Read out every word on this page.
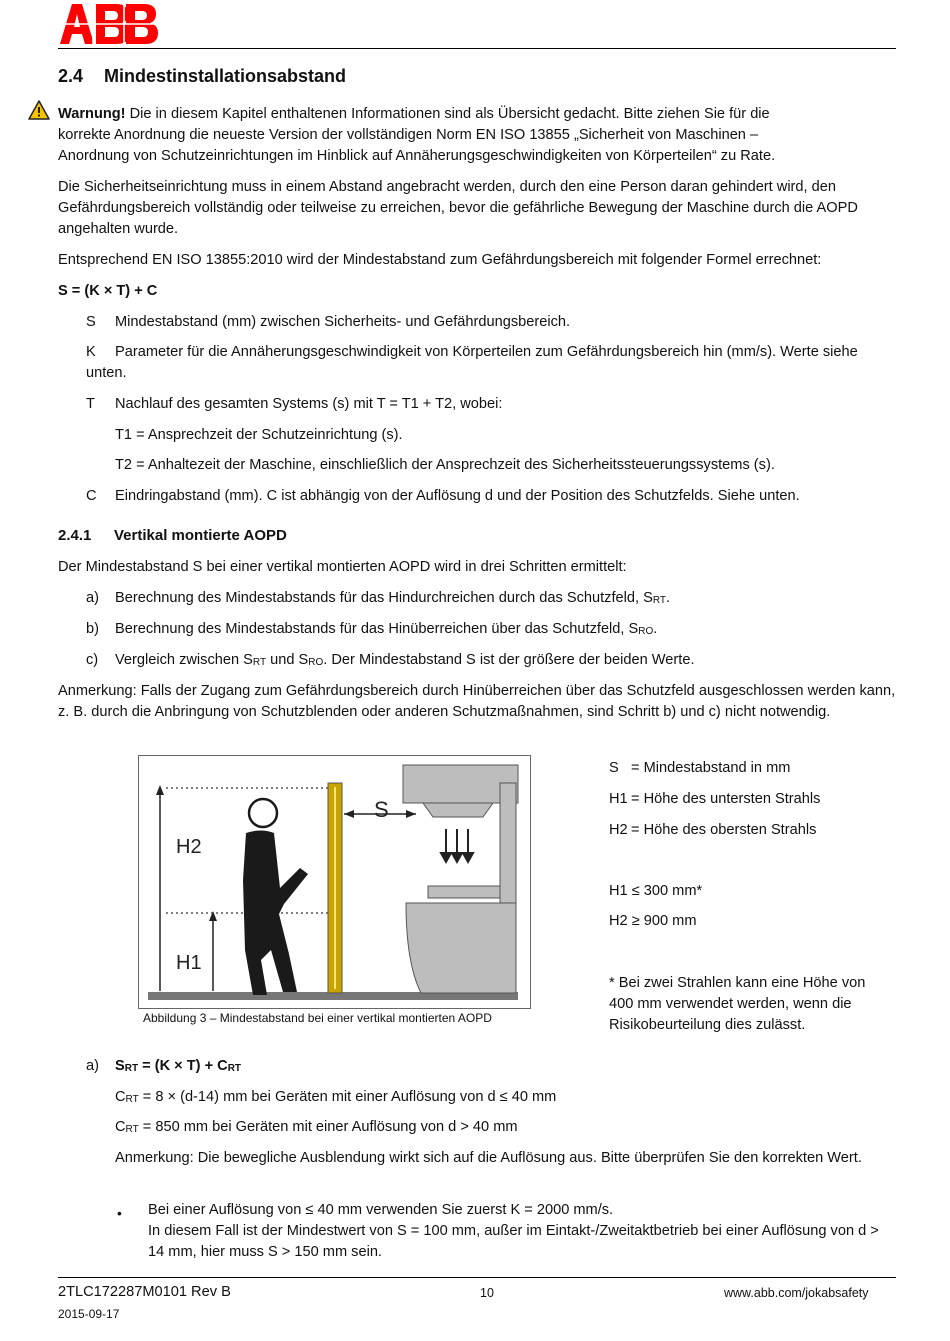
2.4 Mindestinstallationsabstand
Warnung! Die in diesem Kapitel enthaltenen Informationen sind als Übersicht gedacht. Bitte ziehen Sie für die
korrekte Anordnung die neueste Version der vollständigen Norm EN ISO 13855 „Sicherheit von Maschinen –
Anordnung von Schutzeinrichtungen im Hinblick auf Annäherungsgeschwindigkeiten von Körperteilen“ zu Rate.
Die Sicherheitseinrichtung muss in einem Abstand angebracht werden, durch den eine Person daran gehindert wird, den Gefährdungsbereich vollständig oder teilweise zu erreichen, bevor die gefährliche Bewegung der Maschine durch die AOPD angehalten wurde.
Entsprechend EN ISO 13855:2010 wird der Mindestabstand zum Gefährdungsbereich mit folgender Formel errechnet:
S = (K × T) + C
S	Mindestabstand (mm) zwischen Sicherheits- und Gefährdungsbereich.
K	Parameter für die Annäherungsgeschwindigkeit von Körperteilen zum Gefährdungsbereich hin (mm/s). Werte siehe unten.
T	Nachlauf des gesamten Systems (s) mit T = T1 + T2, wobei:
T1 = Ansprechzeit der Schutzeinrichtung (s).
T2 = Anhaltezeit der Maschine, einschließlich der Ansprechzeit des Sicherheitssteuerungssystems (s).
C	Eindringabstand (mm). C ist abhängig von der Auflösung d und der Position des Schutzfelds. Siehe unten.
2.4.1 Vertikal montierte AOPD
Der Mindestabstand S bei einer vertikal montierten AOPD wird in drei Schritten ermittelt:
a) Berechnung des Mindestabstands für das Hindurchreichen durch das Schutzfeld, $S_{RT}$.
b) Berechnung des Mindestabstands für das Hinüberreichen über das Schutzfeld, $S_{RO}$.
c) Vergleich zwischen $S_{RT}$ und $S_{RO}$. Der Mindestabstand S ist der größere der beiden Werte.
Anmerkung: Falls der Zugang zum Gefährdungsbereich durch Hinüberreichen über das Schutzfeld ausgeschlossen werden kann, z. B. durch die Anbringung von Schutzblenden oder anderen Schutzmaßnahmen, sind Schritt b) und c) nicht notwendig.
H2
H1
S
Abbildung 3 – Mindestabstand bei einer vertikal montierten AOPD
S = Mindestabstand in mm
H1 = Höhe des untersten Strahls
H2 = Höhe des obersten Strahls
H1 ≤ 300 mm*
H2 ≥ 900 mm
* Bei zwei Strahlen kann eine Höhe von 400 mm verwendet werden, wenn die Risikobeurteilung dies zulässt.
a) $S_{RT} = (K \times T) + C_{RT}$
$C_{RT} = 8 \times (d-14)$ mm bei Geräten mit einer Auflösung von d ≤ 40 mm
$C_{RT} = 850$ mm bei Geräten mit einer Auflösung von d > 40 mm
Anmerkung: Die bewegliche Ausblendung wirkt sich auf die Auflösung aus. Bitte überprüfen Sie den korrekten Wert.
• Bei einer Auflösung von ≤ 40 mm verwenden Sie zuerst K = 2000 mm/s.
In diesem Fall ist der Mindestwert von S = 100 mm, außer im Eintakt-/Zweitaktbetrieb bei einer Auflösung von d > 14 mm, hier muss S > 150 mm sein.
2TLC172287M0101 Rev B
2015-09-17
10	www.abb.com/jokabsafety
